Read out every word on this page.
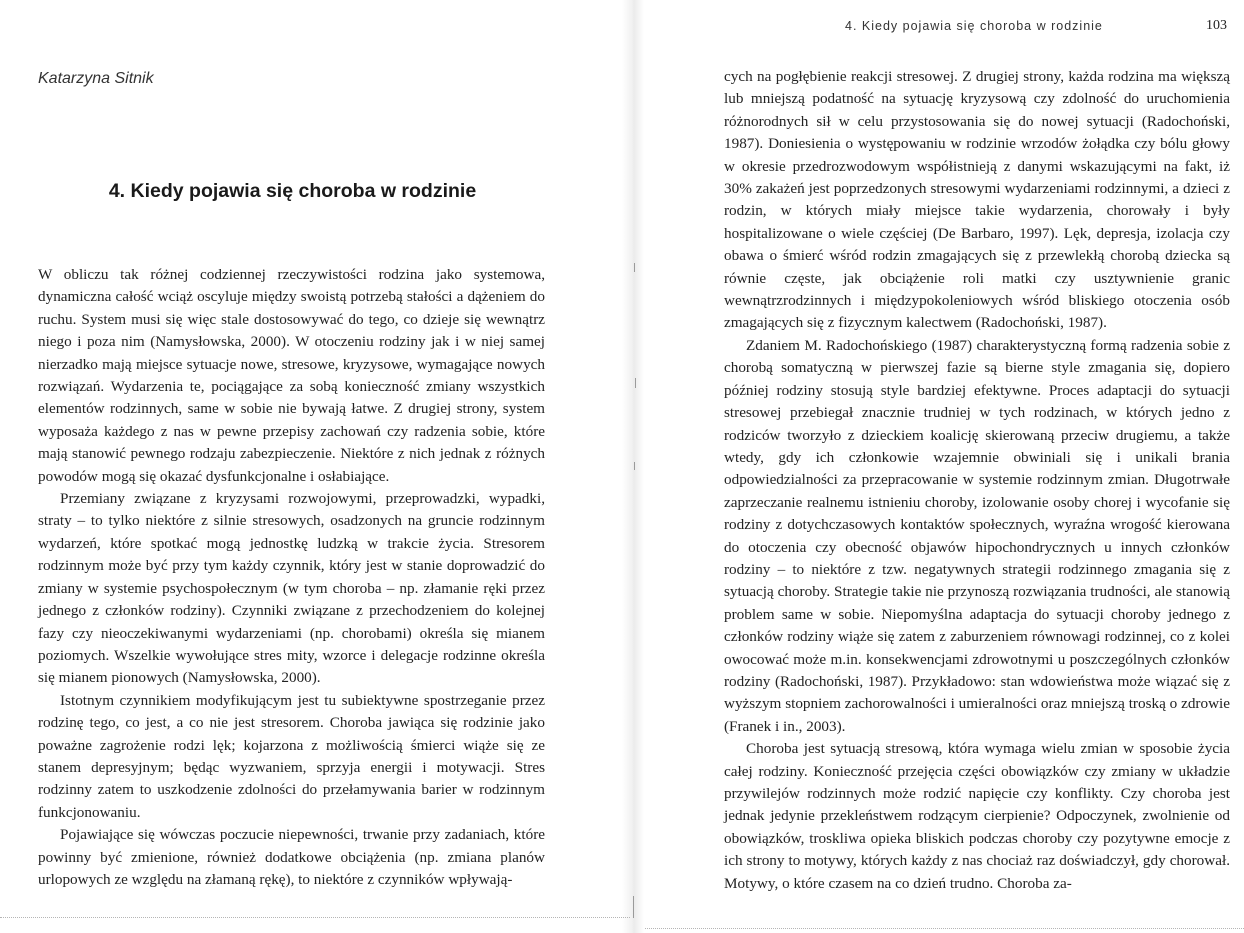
Katarzyna Sitnik
4. Kiedy pojawia się choroba w rodzinie

W obliczu tak różnej codziennej rzeczywistości rodzina jako systemowa, dynamiczna całość wciąż oscyluje między swoistą potrzebą stałości a dążeniem do ruchu. System musi się więc stale dostosowywać do tego, co dzieje się wewnątrz niego i poza nim (Namysłowska, 2000). W otoczeniu rodziny jak i w niej samej nierzadko mają miejsce sytuacje nowe, stresowe, kryzysowe, wymagające nowych rozwiązań. Wydarzenia te, pociągające za sobą konieczność zmiany wszystkich elementów rodzinnych, same w sobie nie bywają łatwe. Z drugiej strony, system wyposaża każdego z nas w pewne przepisy zachowań czy radzenia sobie, które mają stanowić pewnego rodzaju zabezpieczenie. Niektóre z nich jednak z różnych powodów mogą się okazać dysfunkcjonalne i osłabiające.

Przemiany związane z kryzysami rozwojowymi, przeprowadzki, wypadki, straty – to tylko niektóre z silnie stresowych, osadzonych na gruncie rodzinnym wydarzeń, które spotkać mogą jednostkę ludzką w trakcie życia. Stresorem rodzinnym może być przy tym każdy czynnik, który jest w stanie doprowadzić do zmiany w systemie psychospołecznym (w tym choroba – np. złamanie ręki przez jednego z członków rodziny). Czynniki związane z przechodzeniem do kolejnej fazy czy nieoczekiwanymi wydarzeniami (np. chorobami) określa się mianem poziomych. Wszelkie wywołujące stres mity, wzorce i delegacje rodzinne określa się mianem pionowych (Namysłowska, 2000).

Istotnym czynnikiem modyfikującym jest tu subiektywne spostrzeganie przez rodzinę tego, co jest, a co nie jest stresorem. Choroba jawiąca się rodzinie jako poważne zagrożenie rodzi lęk; kojarzona z możliwością śmierci wiąże się ze stanem depresyjnym; będąc wyzwaniem, sprzyja energii i motywacji. Stres rodzinny zatem to uszkodzenie zdolności do przełamywania barier w rodzinnym funkcjonowaniu.

Pojawiające się wówczas poczucie niepewności, trwanie przy zadaniach, które powinny być zmienione, również dodatkowe obciążenia (np. zmiana planów urlopowych ze względu na złamaną rękę), to niektóre z czynników wpływają-

4. Kiedy pojawia się choroba w rodzinie	103

cych na pogłębienie reakcji stresowej. Z drugiej strony, każda rodzina ma większą lub mniejszą podatność na sytuację kryzysową czy zdolność do uruchomienia różnorodnych sił w celu przystosowania się do nowej sytuacji (Radochoński, 1987). Doniesienia o występowaniu w rodzinie wrzodów żołądka czy bólu głowy w okresie przedrozwodowym współistnieją z danymi wskazującymi na fakt, iż 30% zakażeń jest poprzedzonych stresowymi wydarzeniami rodzinnymi, a dzieci z rodzin, w których miały miejsce takie wydarzenia, chorowały i były hospitalizowane o wiele częściej (De Barbaro, 1997). Lęk, depresja, izolacja czy obawa o śmierć wśród rodzin zmagających się z przewlekłą chorobą dziecka są równie częste, jak obciążenie roli matki czy usztywnienie granic wewnątrzrodzinnych i międzypokoleniowych wśród bliskiego otoczenia osób zmagających się z fizycznym kalectwem (Radochoński, 1987).

Zdaniem M. Radochońskiego (1987) charakterystyczną formą radzenia sobie z chorobą somatyczną w pierwszej fazie są bierne style zmagania się, dopiero później rodziny stosują style bardziej efektywne. Proces adaptacji do sytuacji stresowej przebiegał znacznie trudniej w tych rodzinach, w których jedno z rodziców tworzyło z dzieckiem koalicję skierowaną przeciw drugiemu, a także wtedy, gdy ich członkowie wzajemnie obwiniali się i unikali brania odpowiedzialności za przepracowanie w systemie rodzinnym zmian. Długotrwałe zaprzeczanie realnemu istnieniu choroby, izolowanie osoby chorej i wycofanie się rodziny z dotychczasowych kontaktów społecznych, wyraźna wrogość kierowana do otoczenia czy obecność objawów hipochondrycznych u innych członków rodziny – to niektóre z tzw. negatywnych strategii rodzinnego zmagania się z sytuacją choroby. Strategie takie nie przynoszą rozwiązania trudności, ale stanowią problem same w sobie. Niepomyślna adaptacja do sytuacji choroby jednego z członków rodziny wiąże się zatem z zaburzeniem równowagi rodzinnej, co z kolei owocować może m.in. konsekwencjami zdrowotnymi u poszczególnych członków rodziny (Radochoński, 1987). Przykładowo: stan wdowieństwa może wiązać się z wyższym stopniem zachorowalności i umieralności oraz mniejszą troską o zdrowie (Franek i in., 2003).

Choroba jest sytuacją stresową, która wymaga wielu zmian w sposobie życia całej rodziny. Konieczność przejęcia części obowiązków czy zmiany w układzie przywilejów rodzinnych może rodzić napięcie czy konflikty. Czy choroba jest jednak jedynie przekleństwem rodzącym cierpienie? Odpoczynek, zwolnienie od obowiązków, troskliwa opieka bliskich podczas choroby czy pozytywne emocje z ich strony to motywy, których każdy z nas chociaż raz doświadczył, gdy chorował. Motywy, o które czasem na co dzień trudno. Choroba za-
